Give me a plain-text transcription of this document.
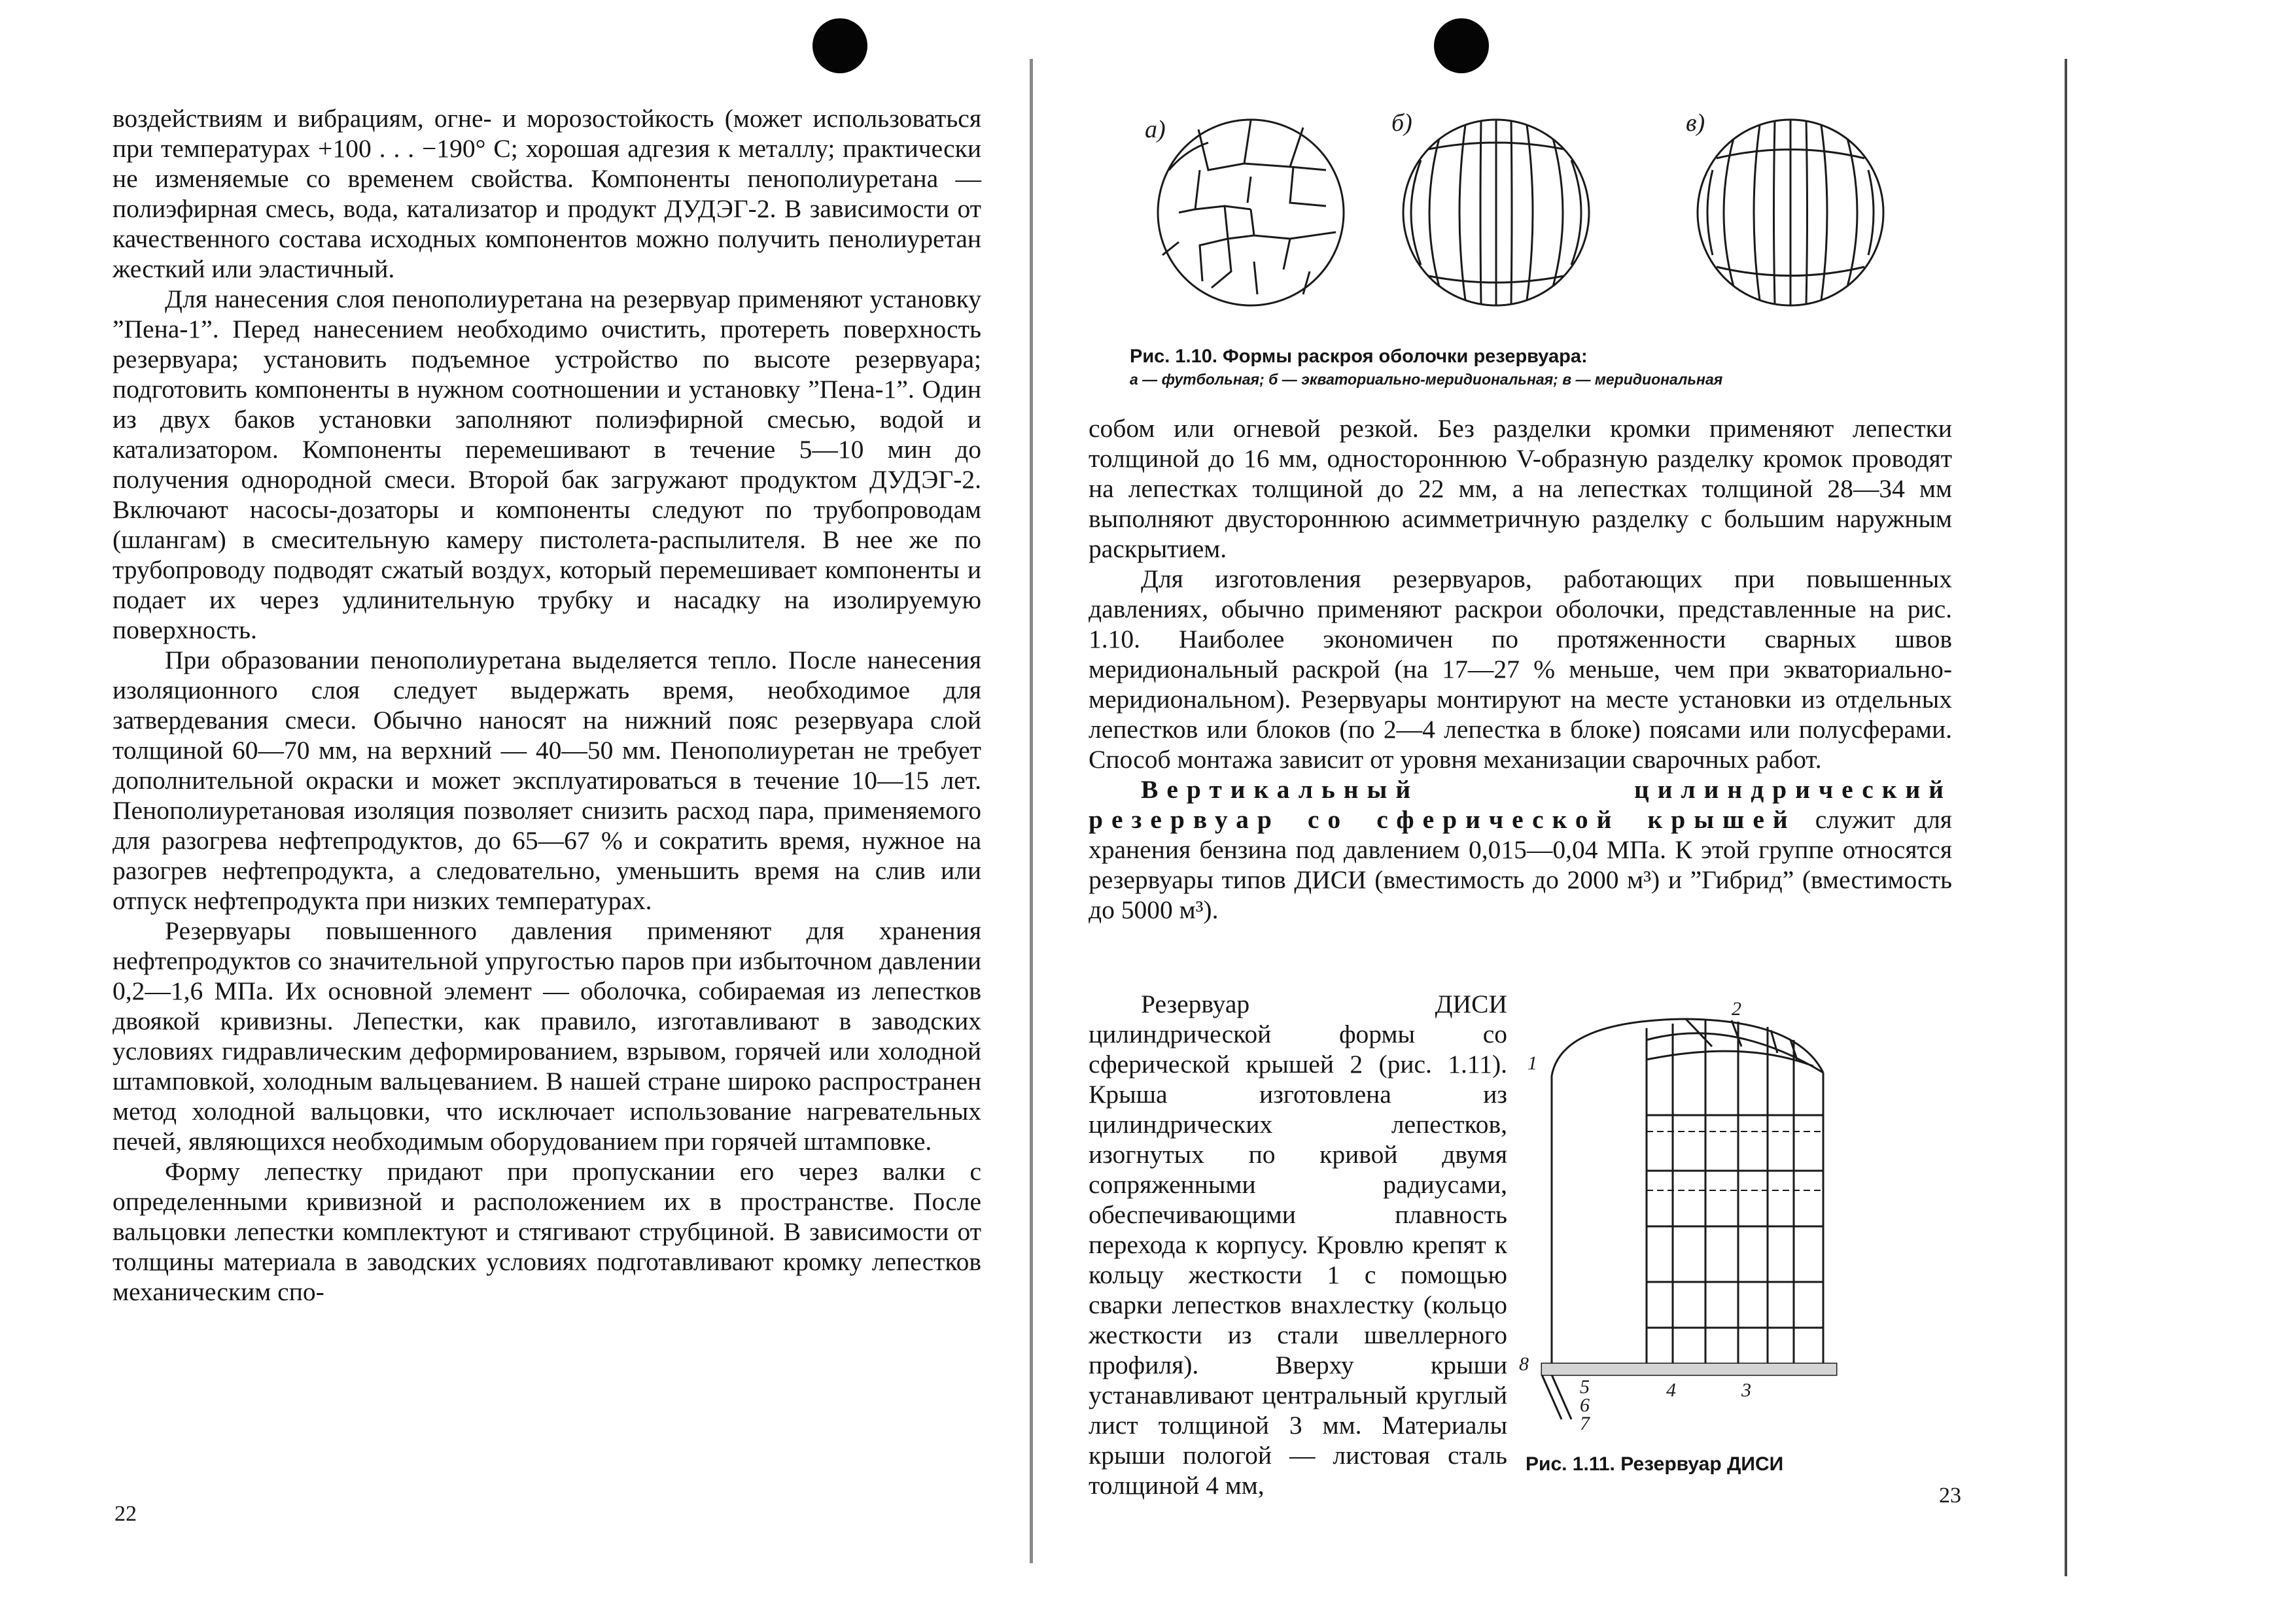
воздействиям и вибрациям, огне- и морозостойкость (может использоваться при температурах +100 . . . −190° С; хорошая адгезия к металлу; практически не изменяемые со временем свойства. Компоненты пенополиуретана — полиэфирная смесь, вода, катализатор и продукт ДУДЭГ-2. В зависимости от качественного состава исходных компонентов можно получить пенолиуретан жесткий или эластичный.

Для нанесения слоя пенополиуретана на резервуар применяют установку ”Пена-1”. Перед нанесением необходимо очистить, протереть поверхность резервуара; установить подъемное устройство по высоте резервуара; подготовить компоненты в нужном соотношении и установку ”Пена-1”. Один из двух баков установки заполняют полиэфирной смесью, водой и катализатором. Компоненты перемешивают в течение 5—10 мин до получения однородной смеси. Второй бак загружают продуктом ДУДЭГ-2. Включают насосы-дозаторы и компоненты следуют по трубопроводам (шлангам) в смесительную камеру пистолета-распылителя. В нее же по трубопроводу подводят сжатый воздух, который перемешивает компоненты и подает их через удлинительную трубку и насадку на изолируемую поверхность.

При образовании пенополиуретана выделяется тепло. После нанесения изоляционного слоя следует выдержать время, необходимое для затвердевания смеси. Обычно наносят на нижний пояс резервуара слой толщиной 60—70 мм, на верхний — 40—50 мм. Пенополиуретан не требует дополнительной окраски и может эксплуатироваться в течение 10—15 лет. Пенополиуретановая изоляция позволяет снизить расход пара, применяемого для разогрева нефтепродуктов, до 65—67 % и сократить время, нужное на разогрев нефтепродукта, а следовательно, уменьшить время на слив или отпуск нефтепродукта при низких температурах.

Резервуары повышенного давления применяют для хранения нефтепродуктов со значительной упругостью паров при избыточном давлении 0,2—1,6 МПа. Их основной элемент — оболочка, собираемая из лепестков двоякой кривизны. Лепестки, как правило, изготавливают в заводских условиях гидравлическим деформированием, взрывом, горячей или холодной штамповкой, холодным вальцеванием. В нашей стране широко распространен метод холодной вальцовки, что исключает использование нагревательных печей, являющихся необходимым оборудованием при горячей штамповке.

Форму лепестку придают при пропускании его через валки с определенными кривизной и расположением их в пространстве. После вальцовки лепестки комплектуют и стягивают струбциной. В зависимости от толщины материала в заводских условиях подготавливают кромку лепестков механическим спо-

22
а)	б)	в)
Рис. 1.10. Формы раскроя оболочки резервуара:
а — футбольная; б — экваториально-меридиональная; в — меридиональная

собом или огневой резкой. Без разделки кромки применяют лепестки толщиной до 16 мм, одностороннюю V-образную разделку кромок проводят на лепестках толщиной до 22 мм, а на лепестках толщиной 28—34 мм выполняют двустороннюю асимметричную разделку с большим наружным раскрытием.

Для изготовления резервуаров, работающих при повышенных давлениях, обычно применяют раскрои оболочки, представленные на рис. 1.10. Наиболее экономичен по протяженности сварных швов меридиональный раскрой (на 17—27 % меньше, чем при экваториально-меридиональном). Резервуары монтируют на месте установки из отдельных лепестков или блоков (по 2—4 лепестка в блоке) поясами или полусферами. Способ монтажа зависит от уровня механизации сварочных работ.

Вертикальный цилиндрический резервуар со сферической крышей служит для хранения бензина под давлением 0,015—0,04 МПа. К этой группе относятся резервуары типов ДИСИ (вместимость до 2000 м³) и ”Гибрид” (вместимость до 5000 м³).

Резервуар ДИСИ цилиндрической формы со сферической крышей 2 (рис. 1.11). Крыша изготовлена из цилиндрических лепестков, изогнутых по кривой двумя сопряженными радиусами, обеспечивающими плавность перехода к корпусу. Кровлю крепят к кольцу жесткости 1 с помощью сварки лепестков внахлестку (кольцо жесткости из стали швеллерного профиля). Вверху крыши устанавливают центральный круглый лист толщиной 3 мм. Материалы крыши пологой — листовая сталь толщиной 4 мм,

1
2
3
4
5
6
7
8
Рис. 1.11. Резервуар ДИСИ
23
